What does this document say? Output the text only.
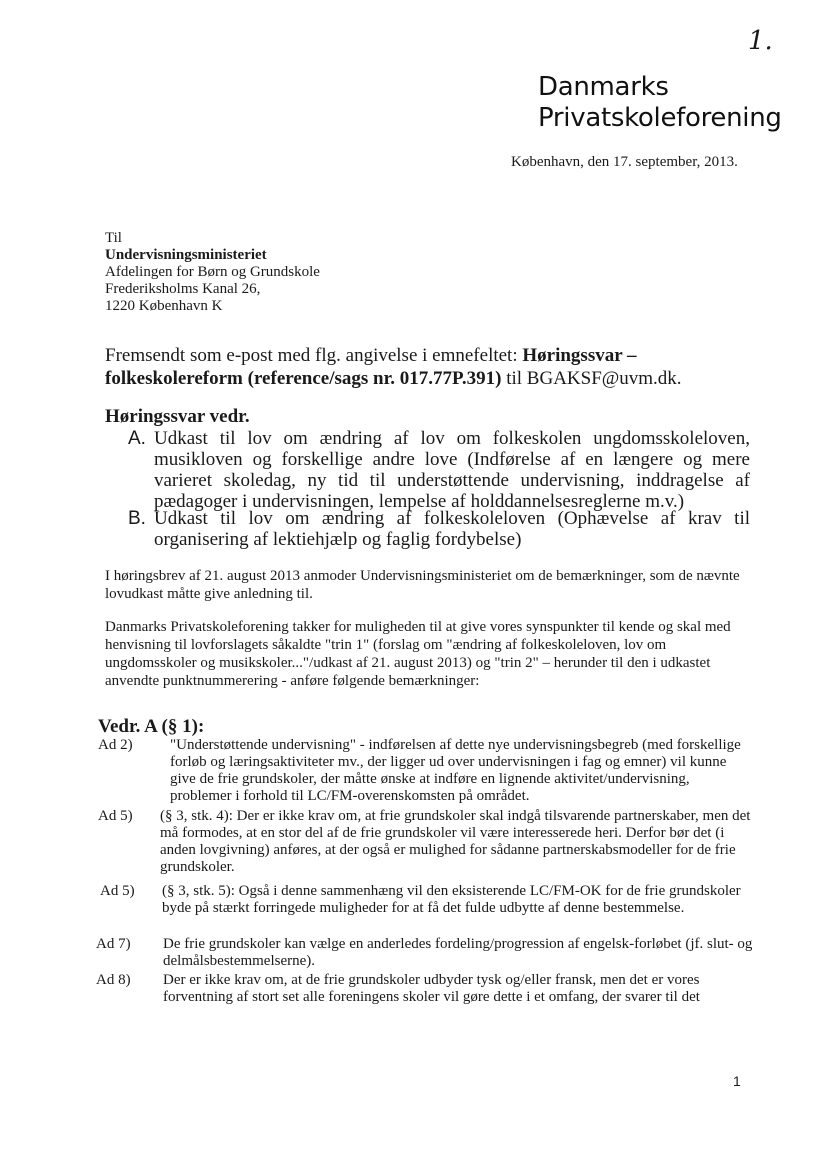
1.
Danmarks
Privatskoleforening
København, den 17. september, 2013.
Til
Undervisningsministeriet
Afdelingen for Børn og Grundskole
Frederiksholms Kanal 26,
1220 København K
Fremsendt som e-post med flg. angivelse i emnefeltet: Høringssvar – folkeskolereform (reference/sags nr. 017.77P.391) til BGAKSF@uvm.dk.
Høringssvar vedr.
A. Udkast til lov om ændring af lov om folkeskolen ungdomsskoleloven, musikloven og forskellige andre love (Indførelse af en længere og mere varieret skoledag, ny tid til understøttende undervisning, inddragelse af pædagoger i undervisningen, lempelse af holddannelsesreglerne m.v.)
B. Udkast til lov om ændring af folkeskoleloven (Ophævelse af krav til organisering af lektiehjælp og faglig fordybelse)
I høringsbrev af 21. august 2013 anmoder Undervisningsministeriet om de bemærkninger, som de nævnte lovudkast måtte give anledning til.
Danmarks Privatskoleforening takker for muligheden til at give vores synspunkter til kende og skal med henvisning til lovforslagets såkaldte "trin 1" (forslag om "ændring af folkeskoleloven, lov om ungdomsskoler og musikskoler..."/udkast af 21. august 2013) og "trin 2" – herunder til den i udkastet anvendte punktnummerering - anføre følgende bemærkninger:
Vedr. A (§ 1):
Ad 2) "Understøttende undervisning" - indførelsen af dette nye undervisningsbegreb (med forskellige forløb og læringsaktiviteter mv., der ligger ud over undervisningen i fag og emner) vil kunne give de frie grundskoler, der måtte ønske at indføre en lignende aktivitet/undervisning, problemer i forhold til LC/FM-overenskomsten på området.
Ad 5) (§ 3, stk. 4): Der er ikke krav om, at frie grundskoler skal indgå tilsvarende partnerskaber, men det må formodes, at en stor del af de frie grundskoler vil være interesserede heri. Derfor bør det (i anden lovgivning) anføres, at der også er mulighed for sådanne partnerskabsmodeller for de frie grundskoler.
Ad 5) (§ 3, stk. 5): Også i denne sammenhæng vil den eksisterende LC/FM-OK for de frie grundskoler byde på stærkt forringede muligheder for at få det fulde udbytte af denne bestemmelse.
Ad 7) De frie grundskoler kan vælge en anderledes fordeling/progression af engelsk-forløbet (jf. slut- og delmålsbestemmelserne).
Ad 8) Der er ikke krav om, at de frie grundskoler udbyder tysk og/eller fransk, men det er vores forventning af stort set alle foreningens skoler vil gøre dette i et omfang, der svarer til det
1
